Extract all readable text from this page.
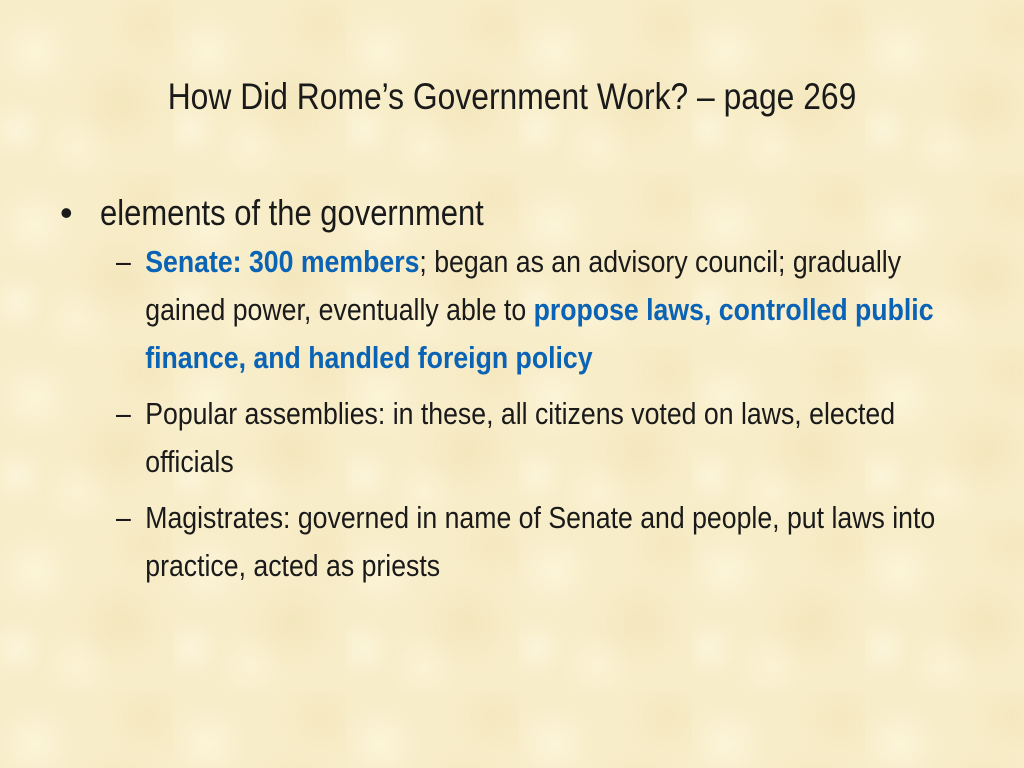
How Did Rome’s Government Work? – page 269
• elements of the government
– Senate: 300 members; began as an advisory council; gradually gained power, eventually able to propose laws, controlled public finance, and handled foreign policy
– Popular assemblies: in these, all citizens voted on laws, elected officials
– Magistrates: governed in name of Senate and people, put laws into practice, acted as priests
